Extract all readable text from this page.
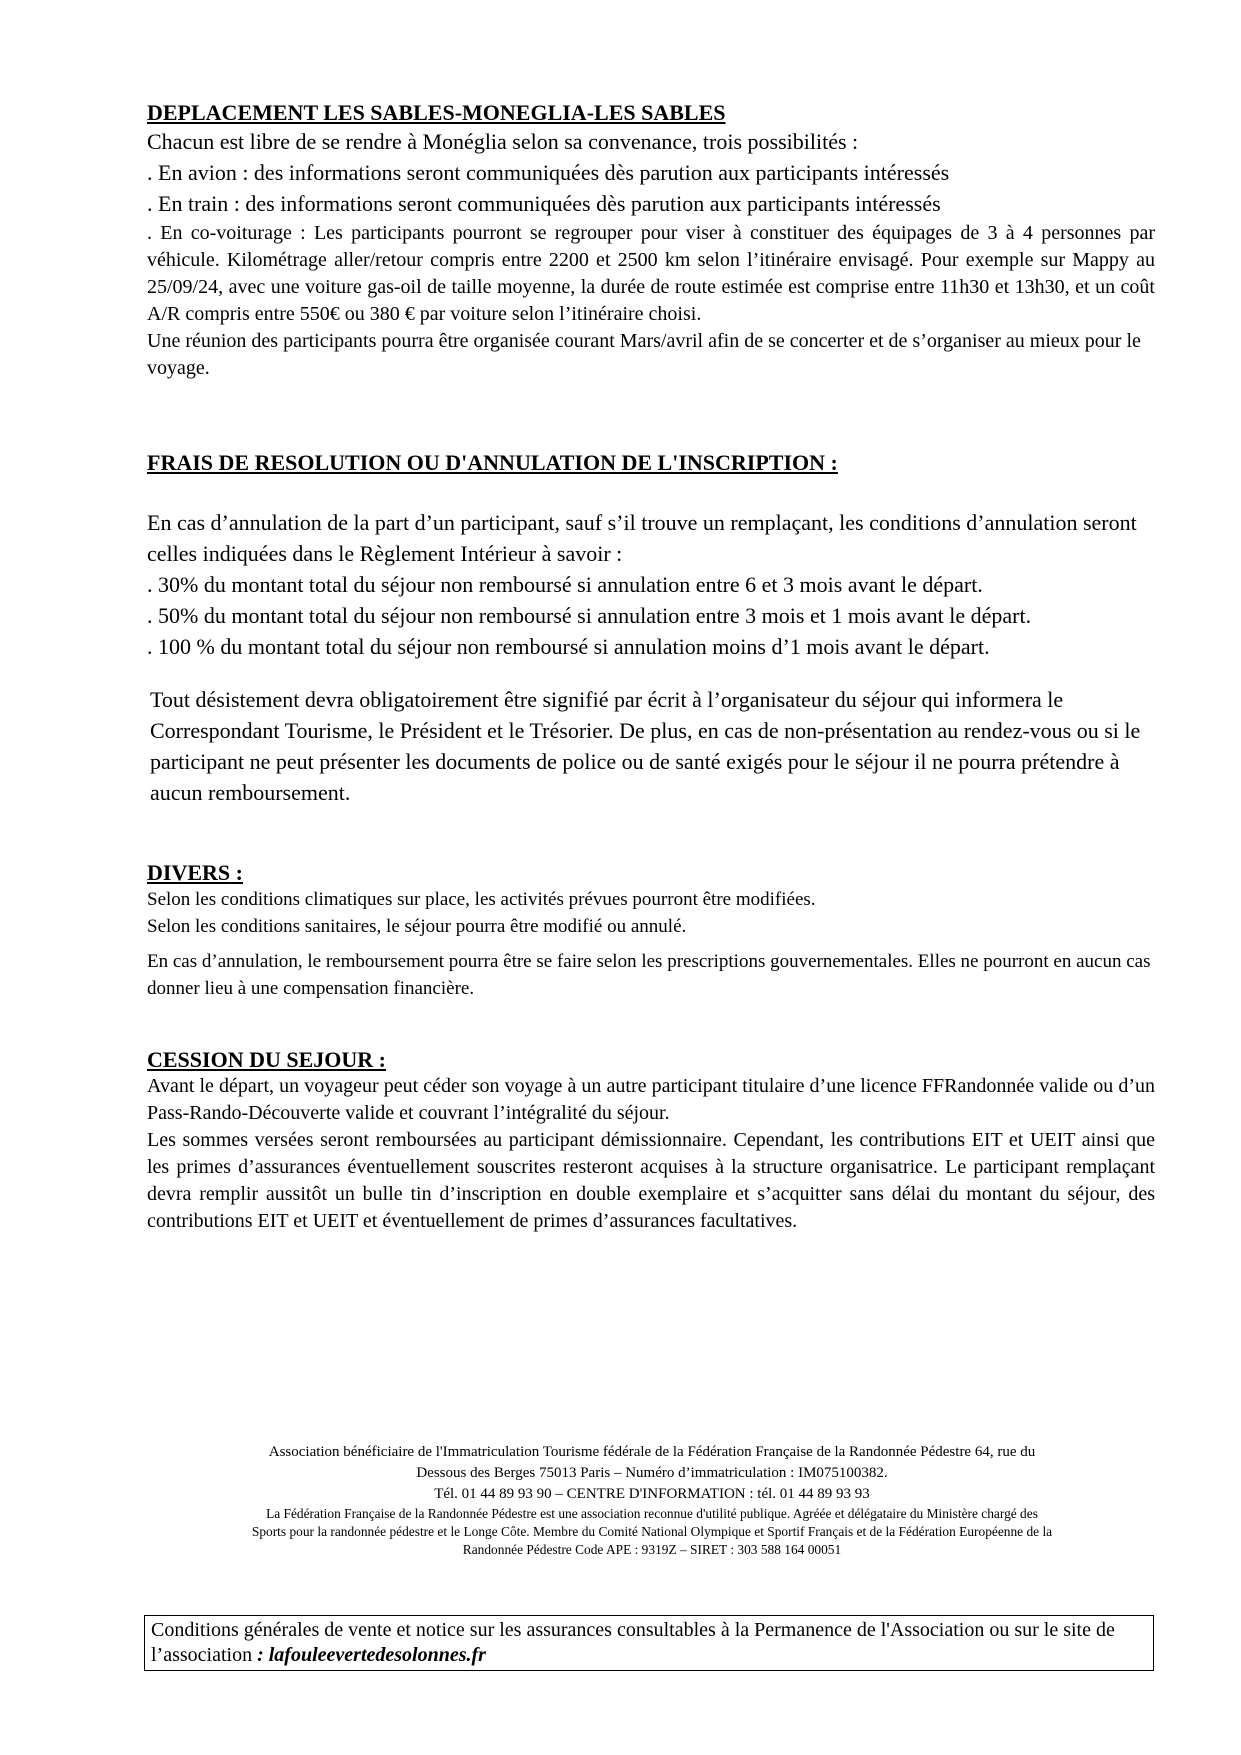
DEPLACEMENT LES SABLES-MONEGLIA-LES SABLES

Chacun est libre de se rendre à Monéglia selon sa convenance, trois possibilités :

. En avion : des informations seront communiquées dès parution aux participants intéressés

. En train : des informations seront communiquées dès parution aux participants intéressés

. En co-voiturage : Les participants pourront se regrouper pour viser à constituer des équipages de 3 à 4 personnes par véhicule. Kilométrage aller/retour compris entre 2200 et 2500 km selon l’itinéraire envisagé. Pour exemple sur Mappy au 25/09/24, avec une voiture gas-oil de taille moyenne, la durée de route estimée est comprise entre 11h30 et 13h30, et un coût A/R compris entre 550€ ou 380 € par voiture selon l’itinéraire choisi.

Une réunion des participants pourra être organisée courant Mars/avril afin de se concerter et de s’organiser au mieux pour le voyage.

FRAIS DE RESOLUTION OU D'ANNULATION DE L'INSCRIPTION :

En cas d’annulation de la part d’un participant, sauf s’il trouve un remplaçant, les conditions d’annulation seront celles indiquées dans le Règlement Intérieur à savoir :

. 30% du montant total du séjour non remboursé si annulation entre 6 et 3 mois avant le départ.

. 50% du montant total du séjour non remboursé si annulation entre 3 mois et 1 mois avant le départ.

. 100 % du montant total du séjour non remboursé si annulation moins d’1 mois avant le départ.

Tout désistement devra obligatoirement être signifié par écrit à l’organisateur du séjour qui informera le Correspondant Tourisme, le Président et le Trésorier. De plus, en cas de non-présentation au rendez-vous ou si le participant ne peut présenter les documents de police ou de santé exigés pour le séjour il ne pourra prétendre à aucun remboursement.

DIVERS :

Selon les conditions climatiques sur place, les activités prévues pourront être modifiées.

Selon les conditions sanitaires, le séjour pourra être modifié ou annulé.

En cas d’annulation, le remboursement pourra être se faire selon les prescriptions gouvernementales. Elles ne pourront en aucun cas donner lieu à une compensation financière.

CESSION DU SEJOUR :

Avant le départ, un voyageur peut céder son voyage à un autre participant titulaire d’une licence FFRandonnée valide ou d’un Pass-Rando-Découverte valide et couvrant l’intégralité du séjour.

Les sommes versées seront remboursées au participant démissionnaire. Cependant, les contributions EIT et UEIT ainsi que les primes d’assurances éventuellement souscrites resteront acquises à la structure organisatrice. Le participant remplaçant devra remplir aussitôt un bulle tin d’inscription en double exemplaire et s’acquitter sans délai du montant du séjour, des contributions EIT et UEIT et éventuellement de primes d’assurances facultatives.

Association bénéficiaire de l'Immatriculation Tourisme fédérale de la Fédération Française de la Randonnée Pédestre 64, rue du
Dessous des Berges 75013 Paris – Numéro d’immatriculation : IM075100382.
Tél. 01 44 89 93 90 – CENTRE D'INFORMATION : tél. 01 44 89 93 93
La Fédération Française de la Randonnée Pédestre est une association reconnue d'utilité publique. Agréée et délégataire du Ministère chargé des
Sports pour la randonnée pédestre et le Longe Côte. Membre du Comité National Olympique et Sportif Français et de la Fédération Européenne de la
Randonnée Pédestre Code APE : 9319Z – SIRET : 303 588 164 00051
Conditions générales de vente et notice sur les assurances consultables à la Permanence de l'Association ou sur le site de l’association : lafouleevertedesolonnes.fr
